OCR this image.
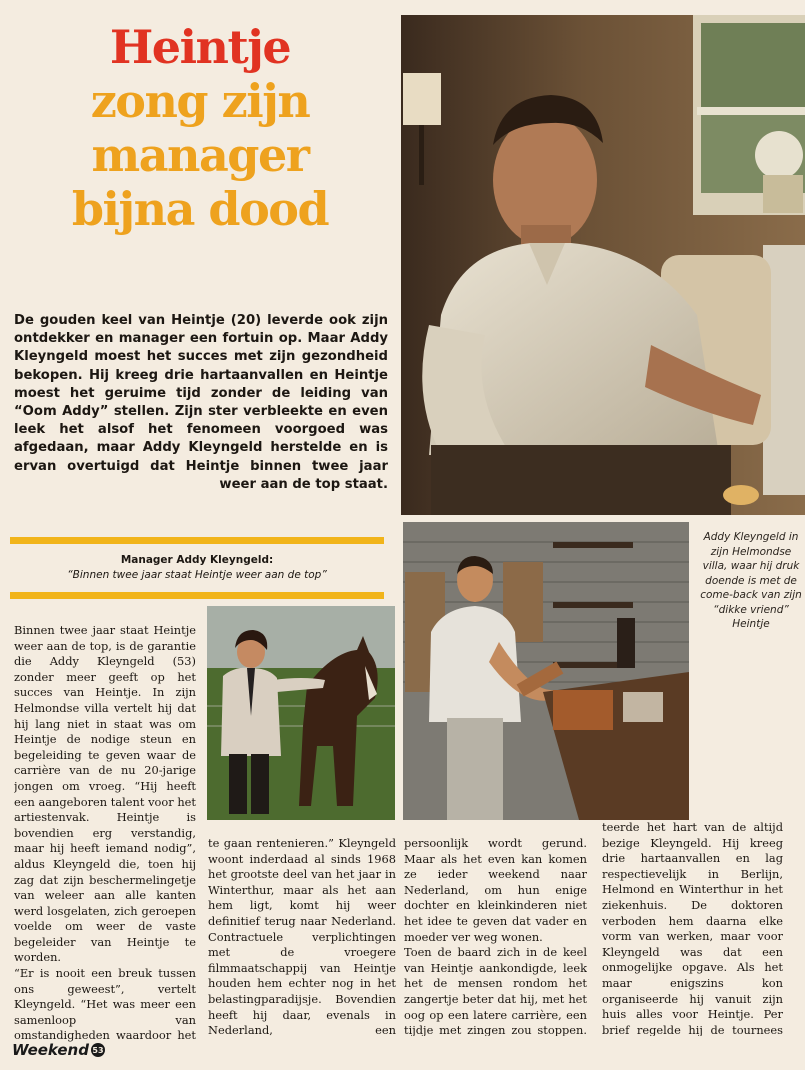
Heintje
zong zijn
manager
bijna dood

De gouden keel van Heintje (20) leverde ook zijn ontdekker en manager een fortuin op. Maar Addy Kleyngeld moest het succes met zijn gezondheid bekopen. Hij kreeg drie hartaanvallen en Heintje moest het geruime tijd zonder de leiding van “Oom Addy” stellen. Zijn ster verbleekte en even leek het alsof het fenomeen voorgoed was afgedaan, maar Addy Kleyngeld herstelde en is ervan overtuigd dat Heintje binnen twee jaar weer aan de top staat.

Manager Addy Kleyngeld:
“Binnen twee jaar staat Heintje weer aan de top”

Addy Kleyngeld in zijn Helmondse villa, waar hij druk doende is met de come-back van zijn “dikke vriend” Heintje

Binnen twee jaar staat Heintje weer aan de top, is de garantie die Addy Kleyngeld (53) zonder meer geeft op het succes van Heintje. In zijn Helmondse villa vertelt hij dat hij lang niet in staat was om Heintje de nodige steun en begeleiding te geven waar de carrière van de nu 20-jarige jongen om vroeg. “Hij heeft een aangeboren talent voor het artiestenvak. Heintje is bovendien erg verstandig, maar hij heeft iemand nodig”, aldus Kleyngeld die, toen hij zag dat zijn beschermelingetje van weleer aan alle kanten werd losgelaten, zich geroepen voelde om weer de vaste begeleider van Heintje te worden.

“Er is nooit een breuk tussen ons geweest”, vertelt Kleyngeld. “Het was meer een samenloop van omstandigheden waardoor het

te gaan rentenieren.” Kleyngeld woont inderdaad al sinds 1968 het grootste deel van het jaar in Winterthur, maar als het aan hem ligt, komt hij weer definitief terug naar Nederland. Contractuele verplichtingen met de vroegere filmmaatschappij van Heintje houden hem echter nog in het belastingparadijsje. Bovendien heeft hij daar, evenals in Nederland, een

persoonlijk wordt gerund. Maar als het even kan komen ze ieder weekend naar Nederland, om hun enige dochter en kleinkinderen niet het idee te geven dat vader en moeder ver weg wonen.

Toen de baard zich in de keel van Heintje aankondigde, leek het de mensen rondom het zangertje beter dat hij, met het oog op een latere carrière, een tijdje met zingen zou stoppen.

teerde het hart van de altijd bezige Kleyngeld. Hij kreeg drie hartaanvallen en lag respectievelijk in Berlijn, Helmond en Winterthur in het ziekenhuis. De doktoren verboden hem daarna elke vorm van werken, maar voor Kleyngeld was dat een onmogelijke opgave. Als het maar enigszins kon organiseerde hij vanuit zijn huis alles voor Heintje. Per brief regelde hij de tournees

Weekend 53
